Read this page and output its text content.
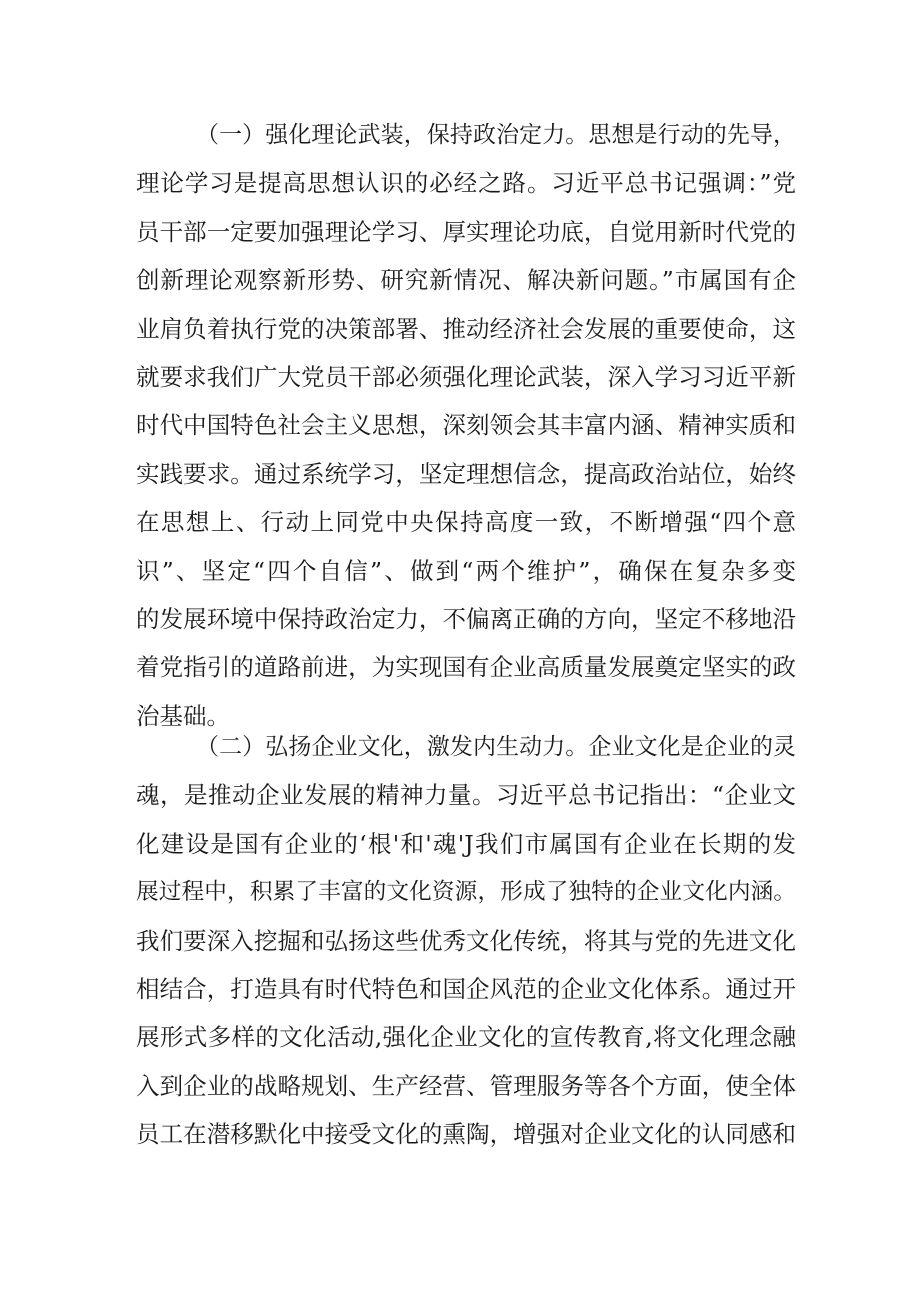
（一）强化理论武装，保持政治定力。思想是行动的先导，
理论学习是提高思想认识的必经之路。习近平总书记强调：”党
员干部一定要加强理论学习、厚实理论功底，自觉用新时代党的
创新理论观察新形势、研究新情况、解决新问题。”市属国有企
业肩负着执行党的决策部署、推动经济社会发展的重要使命，这
就要求我们广大党员干部必须强化理论武装，深入学习习近平新
时代中国特色社会主义思想，深刻领会其丰富内涵、精神实质和
实践要求。通过系统学习，坚定理想信念，提高政治站位，始终
在思想上、行动上同党中央保持高度一致，不断增强“四个意
识”、坚定“四个自信”、做到“两个维护”，确保在复杂多变
的发展环境中保持政治定力，不偏离正确的方向，坚定不移地沿
着党指引的道路前进，为实现国有企业高质量发展奠定坚实的政
治基础。
（二）弘扬企业文化，激发内生动力。企业文化是企业的灵
魂，是推动企业发展的精神力量。习近平总书记指出：“企业文
化建设是国有企业的‘根'和'魂'J我们市属国有企业在长期的发
展过程中，积累了丰富的文化资源，形成了独特的企业文化内涵。
我们要深入挖掘和弘扬这些优秀文化传统，将其与党的先进文化
相结合，打造具有时代特色和国企风范的企业文化体系。通过开
展形式多样的文化活动,强化企业文化的宣传教育,将文化理念融
入到企业的战略规划、生产经营、管理服务等各个方面，使全体
员工在潜移默化中接受文化的熏陶，增强对企业文化的认同感和
